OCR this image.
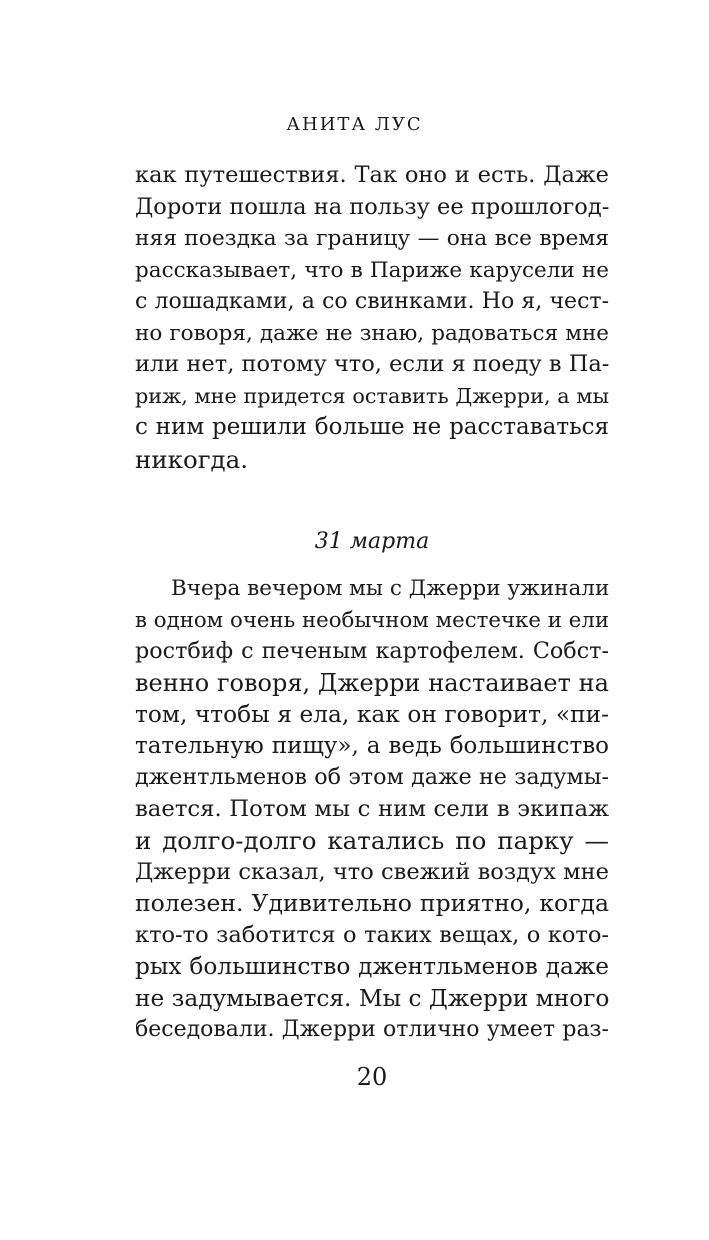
АНИТА ЛУС
как путешествия. Так оно и есть. Даже
Дороти пошла на пользу ее прошлогод-
няя поездка за границу — она все время
рассказывает, что в Париже карусели не
с лошадками, а со свинками. Но я, чест-
но говоря, даже не знаю, радоваться мне
или нет, потому что, если я поеду в Па-
риж, мне придется оставить Джерри, а мы
с ним решили больше не расставаться
никогда.
31 марта
Вчера вечером мы с Джерри ужинали
в одном очень необычном местечке и ели
ростбиф с печеным картофелем. Собст-
венно говоря, Джерри настаивает на
том, чтобы я ела, как он говорит, «пи-
тательную пищу», а ведь большинство
джентльменов об этом даже не задумы-
вается. Потом мы с ним сели в экипаж
и долго-долго катались по парку —
Джерри сказал, что свежий воздух мне
полезен. Удивительно приятно, когда
кто-то заботится о таких вещах, о кото-
рых большинство джентльменов даже
не задумывается. Мы с Джерри много
беседовали. Джерри отлично умеет раз-
20
